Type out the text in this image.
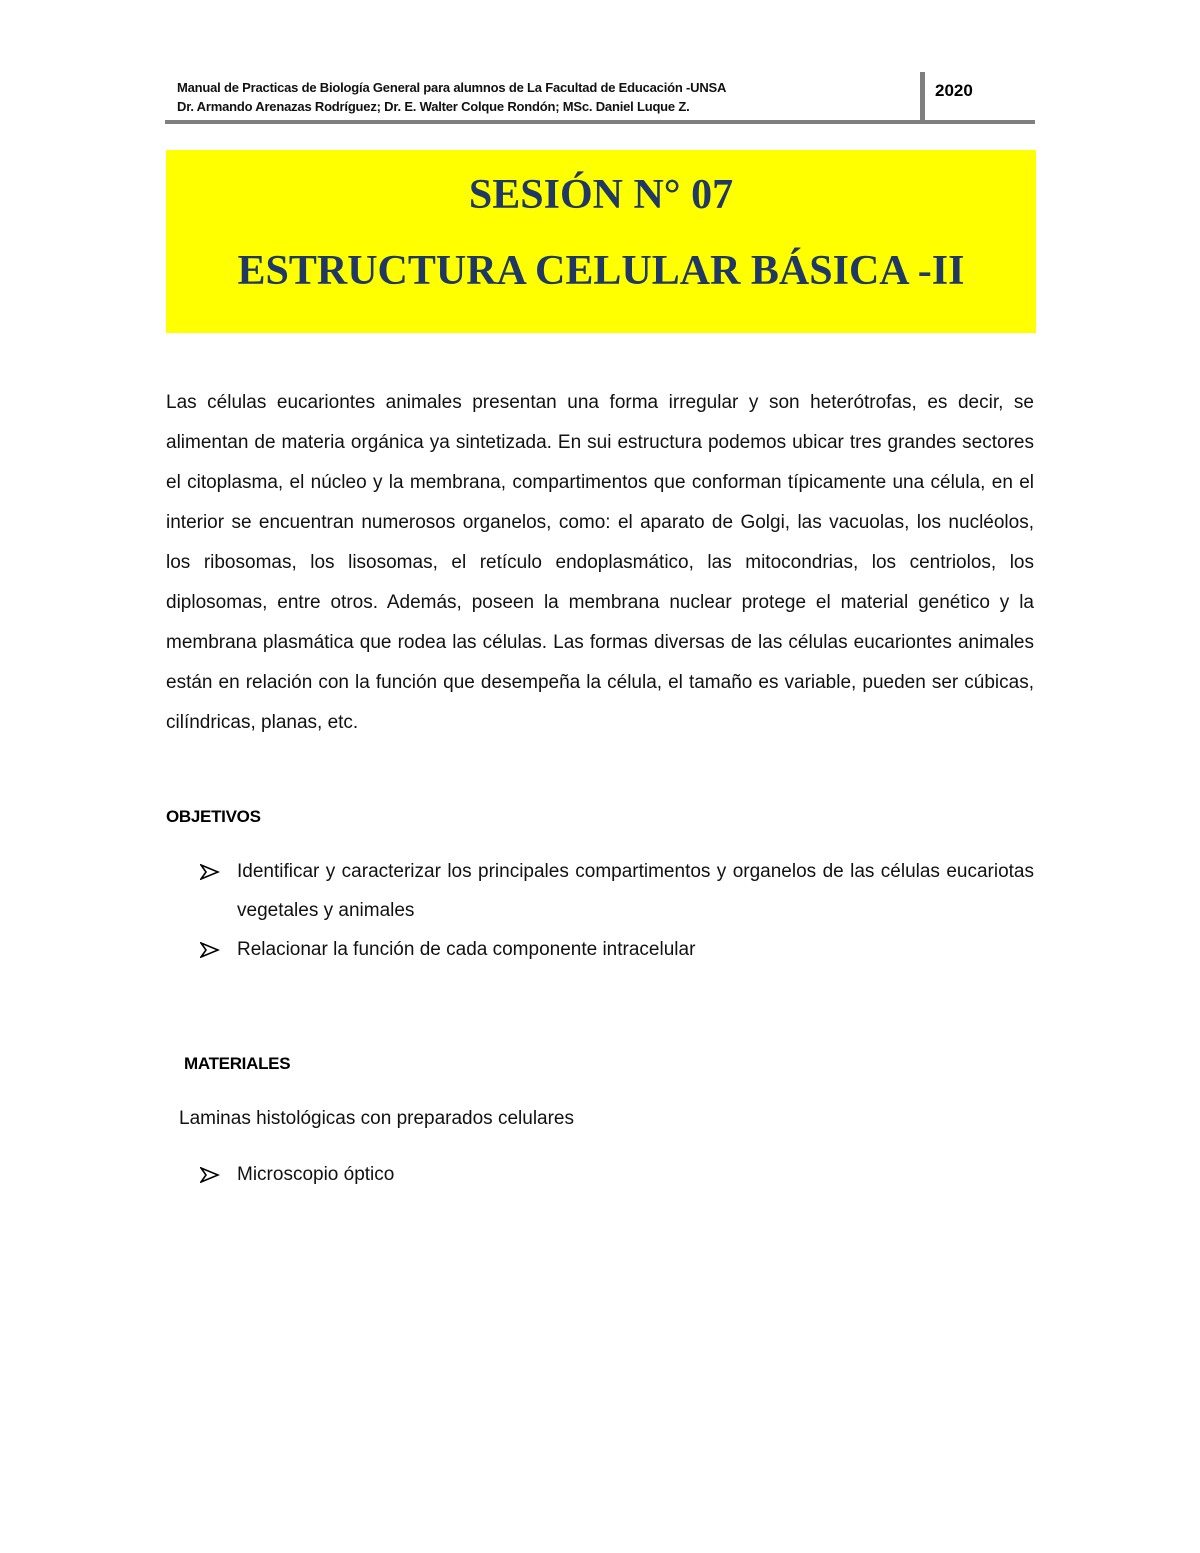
Manual de Practicas de Biología General para alumnos de La Facultad de Educación -UNSA
Dr. Armando Arenazas Rodríguez; Dr. E. Walter Colque Rondón; MSc. Daniel Luque Z.
2020
SESIÓN N° 07
ESTRUCTURA CELULAR BÁSICA -II

Las células eucariontes animales presentan una forma irregular y son heterótrofas, es decir, se alimentan de materia orgánica ya sintetizada. En sui estructura podemos ubicar tres grandes sectores el citoplasma, el núcleo y la membrana, compartimentos que conforman típicamente una célula, en el interior se encuentran numerosos organelos, como: el aparato de Golgi, las vacuolas, los nucléolos, los ribosomas, los lisosomas, el retículo endoplasmático, las mitocondrias, los centriolos, los diplosomas, entre otros. Además, poseen la membrana nuclear protege el material genético y la membrana plasmática que rodea las células. Las formas diversas de las células eucariontes animales están en relación con la función que desempeña la célula, el tamaño es variable, pueden ser cúbicas, cilíndricas, planas, etc.

OBJETIVOS
Identificar y caracterizar los principales compartimentos y organelos de las células eucariotas vegetales y animales
Relacionar la función de cada componente intracelular
MATERIALES

Laminas histológicas con preparados celulares

Microscopio óptico
